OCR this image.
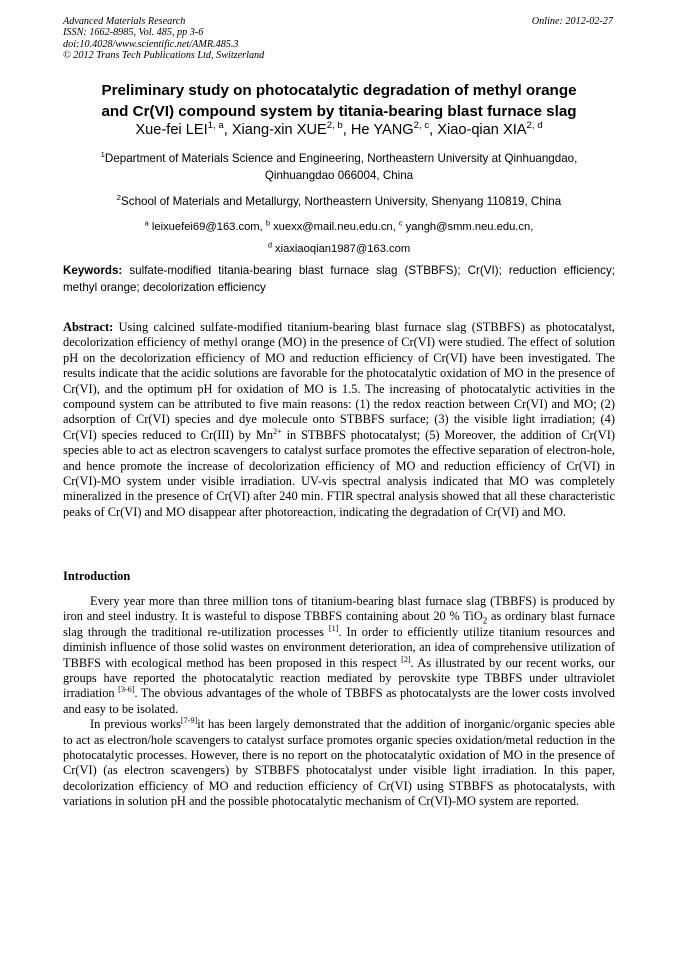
Advanced Materials Research
ISSN: 1662-8985, Vol. 485, pp 3-6
doi:10.4028/www.scientific.net/AMR.485.3
© 2012 Trans Tech Publications Ltd, Switzerland
Online: 2012-02-27
Preliminary study on photocatalytic degradation of methyl orange
and Cr(VI) compound system by titania-bearing blast furnace slag
Xue-fei LEI$^{1, a}$, Xiang-xin XUE$^{2, b}$, He YANG$^{2, c}$, Xiao-qian XIA$^{2, d}$
$^1$Department of Materials Science and Engineering, Northeastern University at Qinhuangdao,
Qinhuangdao 066004, China
$^2$School of Materials and Metallurgy, Northeastern University, Shenyang 110819, China
$^a$ leixuefei69@163.com, $^b$ xuexx@mail.neu.edu.cn, $^c$ yangh@smm.neu.edu.cn,
$^d$ xiaxiaoqian1987@163.com
Keywords: sulfate-modified titania-bearing blast furnace slag (STBBFS); Cr(VI); reduction efficiency; methyl orange; decolorization efficiency
Abstract: Using calcined sulfate-modified titanium-bearing blast furnace slag (STBBFS) as photocatalyst, decolorization efficiency of methyl orange (MO) in the presence of Cr(VI) were studied. The effect of solution pH on the decolorization efficiency of MO and reduction efficiency of Cr(VI) have been investigated. The results indicate that the acidic solutions are favorable for the photocatalytic oxidation of MO in the presence of Cr(VI), and the optimum pH for oxidation of MO is 1.5. The increasing of photocatalytic activities in the compound system can be attributed to five main reasons: (1) the redox reaction between Cr(VI) and MO; (2) adsorption of Cr(VI) species and dye molecule onto STBBFS surface; (3) the visible light irradiation; (4) Cr(VI) species reduced to Cr(III) by $Mn^{2+}$ in STBBFS photocatalyst; (5) Moreover, the addition of Cr(VI) species able to act as electron scavengers to catalyst surface promotes the effective separation of electron-hole, and hence promote the increase of decolorization efficiency of MO and reduction efficiency of Cr(VI) in Cr(VI)-MO system under visible irradiation. UV-vis spectral analysis indicated that MO was completely mineralized in the presence of Cr(VI) after 240 min. FTIR spectral analysis showed that all these characteristic peaks of Cr(VI) and MO disappear after photoreaction, indicating the degradation of Cr(VI) and MO.
Introduction

Every year more than three million tons of titanium-bearing blast furnace slag (TBBFS) is produced by iron and steel industry. It is wasteful to dispose TBBFS containing about 20 % TiO$_2$ as ordinary blast furnace slag through the traditional re-utilization processes [1]. In order to efficiently utilize titanium resources and diminish influence of those solid wastes on environment deterioration, an idea of comprehensive utilization of TBBFS with ecological method has been proposed in this respect [2]. As illustrated by our recent works, our groups have reported the photocatalytic reaction mediated by perovskite type TBBFS under ultraviolet irradiation [3-6]. The obvious advantages of the whole of TBBFS as photocatalysts are the lower costs involved and easy to be isolated.

In previous works[7-9]it has been largely demonstrated that the addition of inorganic/organic species able to act as electron/hole scavengers to catalyst surface promotes organic species oxidation/metal reduction in the photocatalytic processes. However, there is no report on the photocatalytic oxidation of MO in the presence of Cr(VI) (as electron scavengers) by STBBFS photocatalyst under visible light irradiation. In this paper, decolorization efficiency of MO and reduction efficiency of Cr(VI) using STBBFS as photocatalysts, with variations in solution pH and the possible photocatalytic mechanism of Cr(VI)-MO system are reported.
